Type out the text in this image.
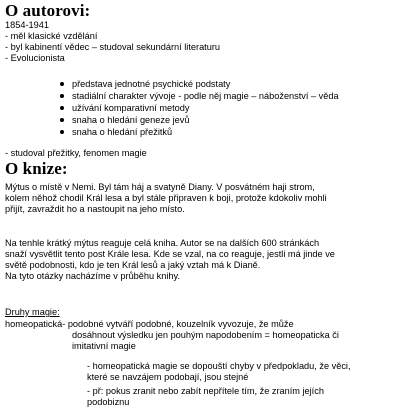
O autorovi:
1854-1941
- měl klasické vzdělání
- byl kabinentí vědec – studoval sekundární literaturu
- Evolucionista
představa jednotné psychické podstaty
stadiální charakter vývoje - podle něj magie – náboženství – věda
užívání komparativní metody
snaha o hledání geneze jevů
snaha o hledání přežitků
- studoval přežitky, fenomen magie
O knize:
Mýtus o místě v Nemi. Byl tám háj a svatyně Diany. V posvátném haji strom,
kolem něhož chodil Král lesa a byl stále připraven k boji, protože kdokoliv mohli
přijít, zavraždit ho a nastoupit na jeho místo.
Na tenhle krátký mýtus reaguje celá kniha. Autor se na dalších 600 stránkách
snaží vysvětlit tento post Krále lesa. Kde se vzal, na co reaguje, jestli má jinde ve
světě podobnosti, kdo je ten Král lesů a jaký vztah má k Dianě.
Na tyto otázky nacházíme v průběhu knihy.
Druhy magie:
homeopatická- podobné vytváří podobné, kouzelník vyvozuje, že může
dosáhnout výsledku jen pouhým napodobením = homeopaticka či
imitativní magie
- homeopatická magie se dopouští chyby v předpokladu, že věci,
které se navzájem podobají, jsou stejné
- př: pokus zranit nebo zabít nepřítele tím, že zraním jejích
podobiznu
